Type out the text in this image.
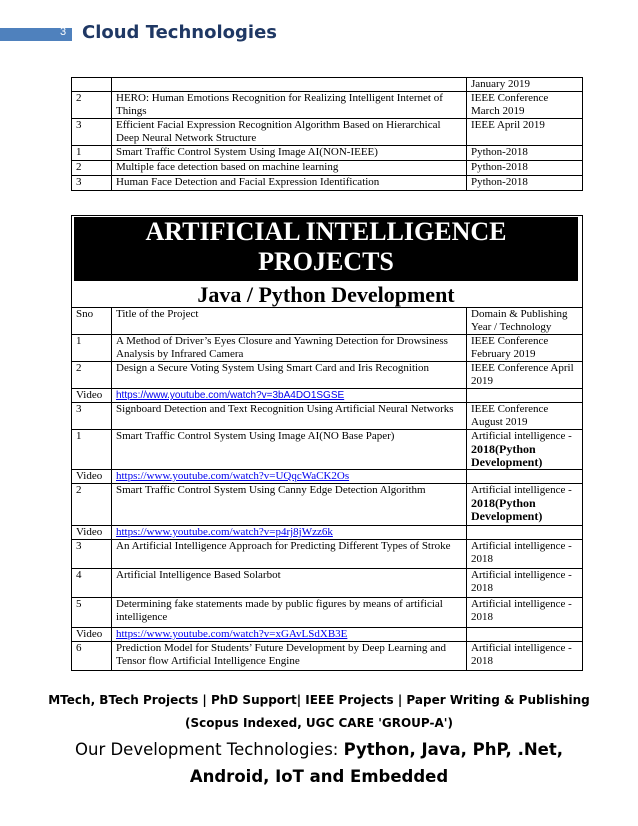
3 Cloud Technologies
		January 2019
2	HERO: Human Emotions Recognition for Realizing Intelligent Internet of Things	IEEE Conference March 2019
3	Efficient Facial Expression Recognition Algorithm Based on Hierarchical Deep Neural Network Structure	IEEE April 2019
1	Smart Traffic Control System Using Image AI(NON-IEEE)	Python-2018
2	Multiple face detection based on machine learning	Python-2018
3	Human Face Detection and Facial Expression Identification	Python-2018
ARTIFICIAL INTELLIGENCE
PROJECTS
Java / Python Development
Sno	Title of the Project	Domain & Publishing Year / Technology
1	A Method of Driver’s Eyes Closure and Yawning Detection for Drowsiness Analysis by Infrared Camera	IEEE Conference February 2019
2	Design a Secure Voting System Using Smart Card and Iris Recognition	IEEE Conference April 2019
Video	https://www.youtube.com/watch?v=3bA4DO1SGSE	
3	Signboard Detection and Text Recognition Using Artificial Neural Networks	IEEE Conference August 2019
1	Smart Traffic Control System Using Image AI(NO Base Paper)	Artificial intelligence -
2018(Python Development)

Video	https://www.youtube.com/watch?v=UQqcWaCK2Os	
2	Smart Traffic Control System Using Canny Edge Detection Algorithm	Artificial intelligence -
2018(Python Development)

Video	https://www.youtube.com/watch?v=p4rj8jWzz6k	
3	An Artificial Intelligence Approach for Predicting Different Types of Stroke	Artificial intelligence - 2018
4	Artificial Intelligence Based Solarbot	Artificial intelligence - 2018
5	Determining fake statements made by public figures by means of artificial intelligence	Artificial intelligence - 2018
Video	https://www.youtube.com/watch?v=xGAvLSdXB3E	
6	Prediction Model for Students’ Future Development by Deep Learning and Tensor flow Artificial Intelligence Engine	Artificial intelligence - 2018
MTech, BTech Projects | PhD Support| IEEE Projects | Paper Writing & Publishing
(Scopus Indexed, UGC CARE 'GROUP-A')
Our Development Technologies: Python, Java, PhP, .Net,
Android, IoT and Embedded
